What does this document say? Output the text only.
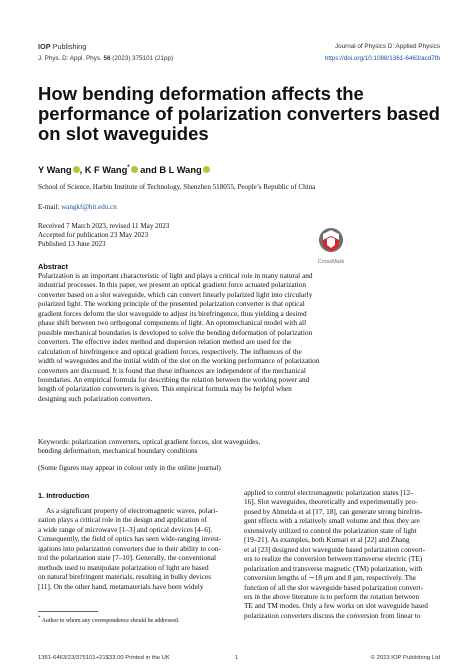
IOP Publishing	Journal of Physics D: Applied Physics
J. Phys. D: Appl. Phys. 56 (2023) 375101 (21pp)	https://doi.org/10.1088/1361-6463/acd7fb
How bending deformation affects the performance of polarization converters based on slot waveguides
Y Wang , K F Wang* and B L Wang
School of Science, Harbin Institute of Technology, Shenzhen 518055, People’s Republic of China
E-mail: wangkf@hit.edu.cn
Received 7 March 2023, revised 11 May 2023
Accepted for publication 23 May 2023
Published 13 June 2023
CrossMark
Abstract

Polarization is an important characteristic of light and plays a critical role in many natural and

industrial processes. In this paper, we present an optical gradient force actuated polarization

converter based on a slot waveguide, which can convert linearly polarized light into circularly

polarized light. The working principle of the presented polarization converter is that optical

gradient forces deform the slot waveguide to adjust its birefringence, thus yielding a desired

phase shift between two orthogonal components of light. An optomechanical model with all

possible mechanical boundaries is developed to solve the bending deformation of polarization

converters. The effective index method and dispersion relation method are used for the

calculation of birefringence and optical gradient forces, respectively. The influences of the

width of waveguides and the initial width of the slot on the working performance of polarization

converters are discussed. It is found that these influences are independent of the mechanical

boundaries. An empirical formula for describing the relation between the working power and

length of polarization converters is given. This empirical formula may be helpful when

designing such polarization converters.

Keywords: polarization converters, optical gradient forces, slot waveguides,
bending deformation, mechanical boundary conditions
(Some figures may appear in colour only in the online journal)
1. Introduction

As a significant property of electromagnetic waves, polari-

zation plays a critical role in the design and application of

a wide range of microwave [1–3] and optical devices [4–6].

Consequently, the field of optics has seen wide-ranging invest-

igations into polarization converters due to their ability to con-

trol the polarization state [7–10]. Generally, the conventional

methods used to manipulate polarization of light are based

on natural birefringent materials, resulting in bulky devices

[11]. On the other hand, metamaterials have been widely

applied to control electromagnetic polarization states [12–

16]. Slot waveguides, theoretically and experimentally pro-

posed by Almeida et al [17, 18], can generate strong birefrin-

gent effects with a relatively small volume and thus they are

extensively utilized to control the polarization state of light

[19–21]. As examples, both Kumari et al [22] and Zhang

et al [23] designed slot waveguide based polarization convert-

ers to realize the conversion between transverse electric (TE)

polarization and transverse magnetic (TM) polarization, with

conversion lengths of ∼18 μm and 8 μm, respectively. The

function of all the slot waveguide based polarization convert-

ers in the above literature is to perform the rotation between

TE and TM modes. Only a few works on slot waveguide based

polarization converters discuss the conversion from linear to

* Author to whom any correspondence should be addressed.
1361-6463/23/375101+21$33.00 Printed in the UK	1	© 2023 IOP Publishing Ltd
